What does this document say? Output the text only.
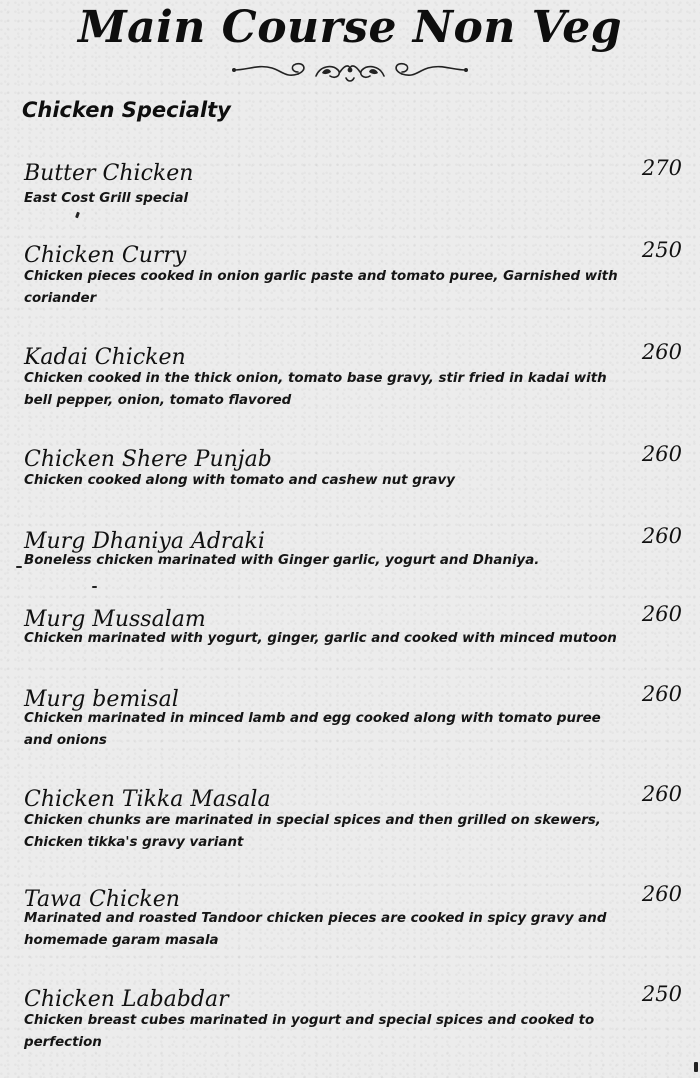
Main Course Non Veg
Chicken Specialty
Butter Chicken	270
East Cost Grill special
Chicken Curry	250
Chicken pieces cooked in onion garlic paste and tomato puree, Garnished with coriander
Kadai Chicken	260
Chicken cooked in the thick onion, tomato base gravy, stir fried in kadai with bell pepper, onion, tomato flavored
Chicken Shere Punjab	260
Chicken cooked along with tomato and cashew nut gravy
Murg Dhaniya Adraki	260
Boneless chicken marinated with Ginger garlic, yogurt and Dhaniya.
Murg Mussalam	260
Chicken marinated with yogurt, ginger, garlic and cooked with minced mutoon
Murg bemisal	260
Chicken marinated in minced lamb and egg cooked along with tomato puree and onions
Chicken Tikka Masala	260
Chicken chunks are marinated in special spices and then grilled on skewers, Chicken tikka's gravy variant
Tawa Chicken	260
Marinated and roasted Tandoor chicken pieces are cooked in spicy gravy and homemade garam masala
Chicken Lababdar	250
Chicken breast cubes marinated in yogurt and special spices and cooked to perfection
